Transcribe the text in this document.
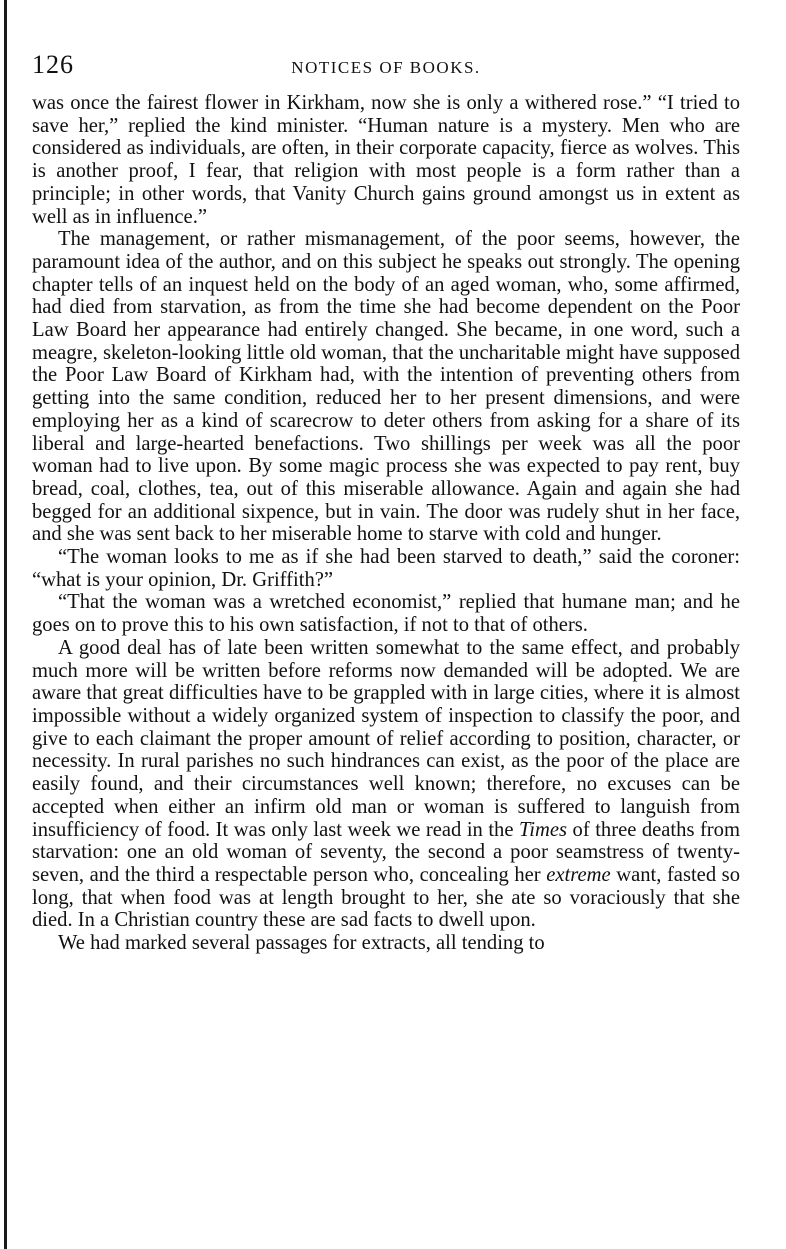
126	NOTICES OF BOOKS.

was once the fairest flower in Kirkham, now she is only a withered rose.” “I tried to save her,” replied the kind minister. “Human nature is a mystery. Men who are considered as individuals, are often, in their corporate capacity, fierce as wolves. This is another proof, I fear, that religion with most people is a form rather than a principle; in other words, that Vanity Church gains ground amongst us in extent as well as in influence.”

The management, or rather mismanagement, of the poor seems, however, the paramount idea of the author, and on this subject he speaks out strongly. The opening chapter tells of an inquest held on the body of an aged woman, who, some affirmed, had died from starvation, as from the time she had become dependent on the Poor Law Board her appearance had entirely changed. She became, in one word, such a meagre, skeleton-looking little old woman, that the uncharitable might have supposed the Poor Law Board of Kirkham had, with the intention of preventing others from getting into the same condition, reduced her to her present dimensions, and were employing her as a kind of scarecrow to deter others from asking for a share of its liberal and large-hearted benefactions. Two shillings per week was all the poor woman had to live upon. By some magic process she was expected to pay rent, buy bread, coal, clothes, tea, out of this miserable allowance. Again and again she had begged for an additional sixpence, but in vain. The door was rudely shut in her face, and she was sent back to her miserable home to starve with cold and hunger.

“The woman looks to me as if she had been starved to death,” said the coroner: “what is your opinion, Dr. Griffith?”

“That the woman was a wretched economist,” replied that humane man; and he goes on to prove this to his own satisfaction, if not to that of others.

A good deal has of late been written somewhat to the same effect, and probably much more will be written before reforms now demanded will be adopted. We are aware that great difficulties have to be grappled with in large cities, where it is almost impossible without a widely organized system of inspection to classify the poor, and give to each claimant the proper amount of relief according to position, character, or necessity. In rural parishes no such hindrances can exist, as the poor of the place are easily found, and their circumstances well known; therefore, no excuses can be accepted when either an infirm old man or woman is suffered to languish from insufficiency of food. It was only last week we read in the Times of three deaths from starvation: one an old woman of seventy, the second a poor seamstress of twenty-seven, and the third a respectable person who, concealing her extreme want, fasted so long, that when food was at length brought to her, she ate so voraciously that she died. In a Christian country these are sad facts to dwell upon.

We had marked several passages for extracts, all tending to
